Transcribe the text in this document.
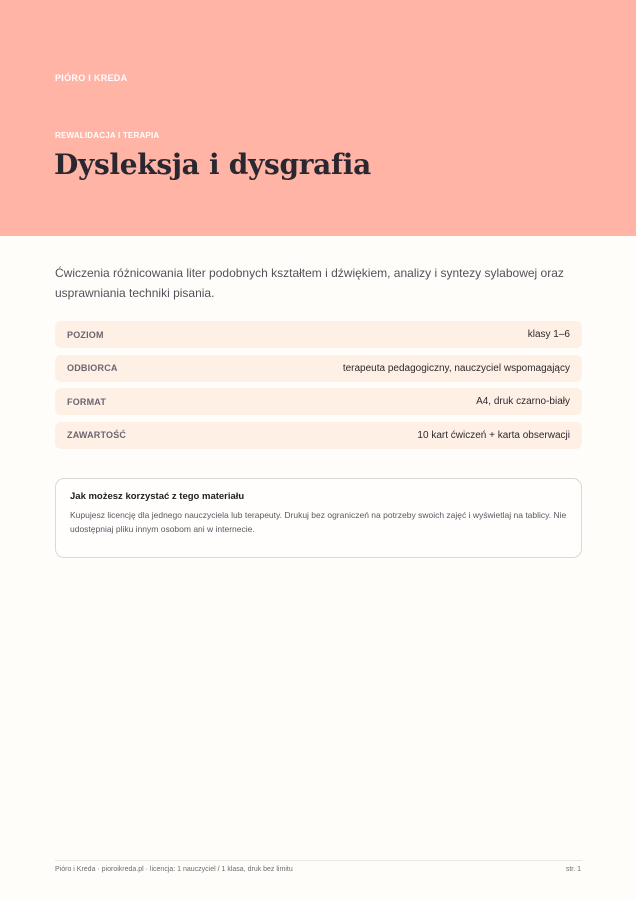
PIÓRO I KREDA
REWALIDACJA I TERAPIA
Dysleksja i dysgrafia

Ćwiczenia różnicowania liter podobnych kształtem i dźwiękiem, analizy i syntezy sylabowej oraz usprawniania techniki pisania.

POZIOM	klasy 1–6
ODBIORCA	terapeuta pedagogiczny, nauczyciel wspomagający
FORMAT	A4, druk czarno-biały
ZAWARTOŚĆ	10 kart ćwiczeń + karta obserwacji
Jak możesz korzystać z tego materiału
Kupujesz licencję dla jednego nauczyciela lub terapeuty. Drukuj bez ograniczeń na potrzeby swoich zajęć i wyświetlaj na tablicy. Nie udostępniaj pliku innym osobom ani w internecie.
Pióro i Kreda · pioroikreda.pl · licencja: 1 nauczyciel / 1 klasa, druk bez limitu	str. 1
